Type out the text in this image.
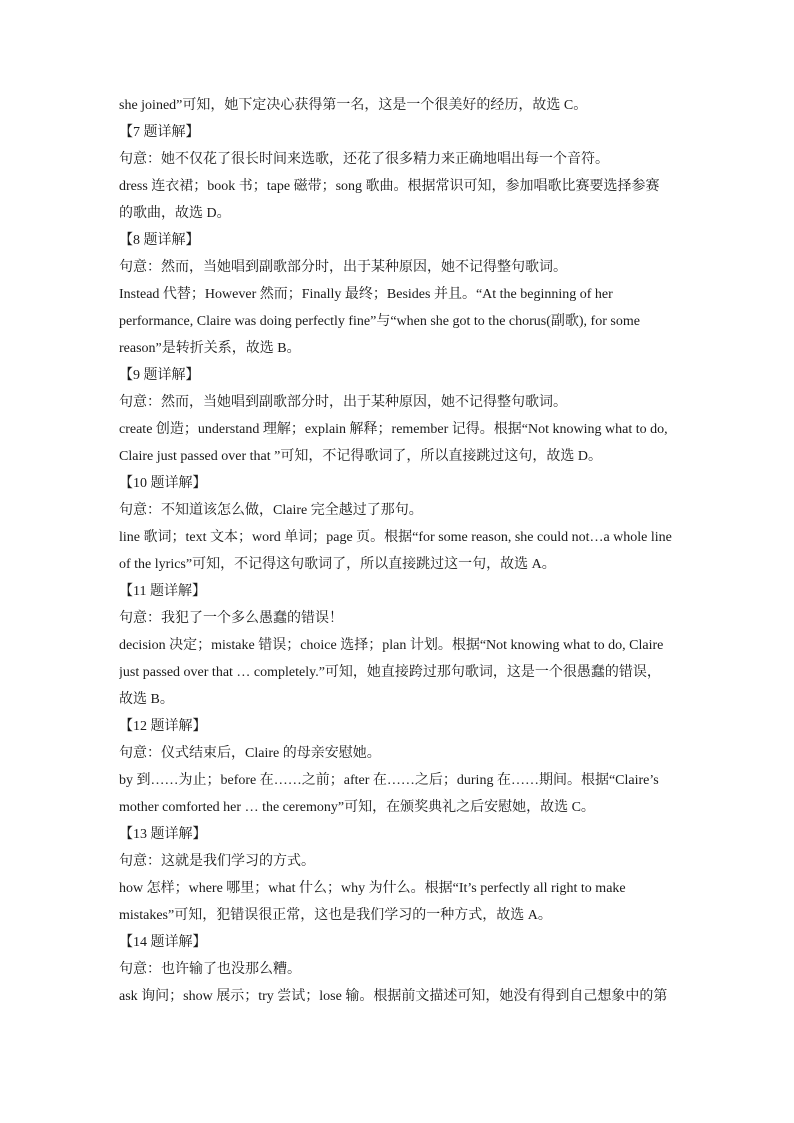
she joined”可知，她下定决心获得第一名，这是一个很美好的经历，故选 C。
【7 题详解】
句意：她不仅花了很长时间来选歌，还花了很多精力来正确地唱出每一个音符。
dress 连衣裙；book 书；tape 磁带；song 歌曲。根据常识可知，参加唱歌比赛要选择参赛
的歌曲，故选 D。
【8 题详解】
句意：然而，当她唱到副歌部分时，出于某种原因，她不记得整句歌词。
Instead 代替；However 然而；Finally 最终；Besides 并且。“At the beginning of her
performance, Claire was doing perfectly fine”与“when she got to the chorus(副歌), for some
reason”是转折关系，故选 B。
【9 题详解】
句意：然而，当她唱到副歌部分时，出于某种原因，她不记得整句歌词。
create 创造；understand 理解；explain 解释；remember 记得。根据“Not knowing what to do,
Claire just passed over that ”可知，不记得歌词了，所以直接跳过这句，故选 D。
【10 题详解】
句意：不知道该怎么做，Claire 完全越过了那句。
line 歌词；text 文本；word 单词；page 页。根据“for some reason, she could not…a whole line
of the lyrics”可知，不记得这句歌词了，所以直接跳过这一句，故选 A。
【11 题详解】
句意：我犯了一个多么愚蠢的错误！
decision 决定；mistake 错误；choice 选择；plan 计划。根据“Not knowing what to do, Claire
just passed over that … completely.”可知，她直接跨过那句歌词，这是一个很愚蠢的错误，
故选 B。
【12 题详解】
句意：仪式结束后，Claire 的母亲安慰她。
by 到……为止；before 在……之前；after 在……之后；during 在……期间。根据“Claire’s
mother comforted her … the ceremony”可知，在颁奖典礼之后安慰她，故选 C。
【13 题详解】
句意：这就是我们学习的方式。
how 怎样；where 哪里；what 什么；why 为什么。根据“It’s perfectly all right to make
mistakes”可知，犯错误很正常，这也是我们学习的一种方式，故选 A。
【14 题详解】
句意：也许输了也没那么糟。
ask 询问；show 展示；try 尝试；lose 输。根据前文描述可知，她没有得到自己想象中的第
